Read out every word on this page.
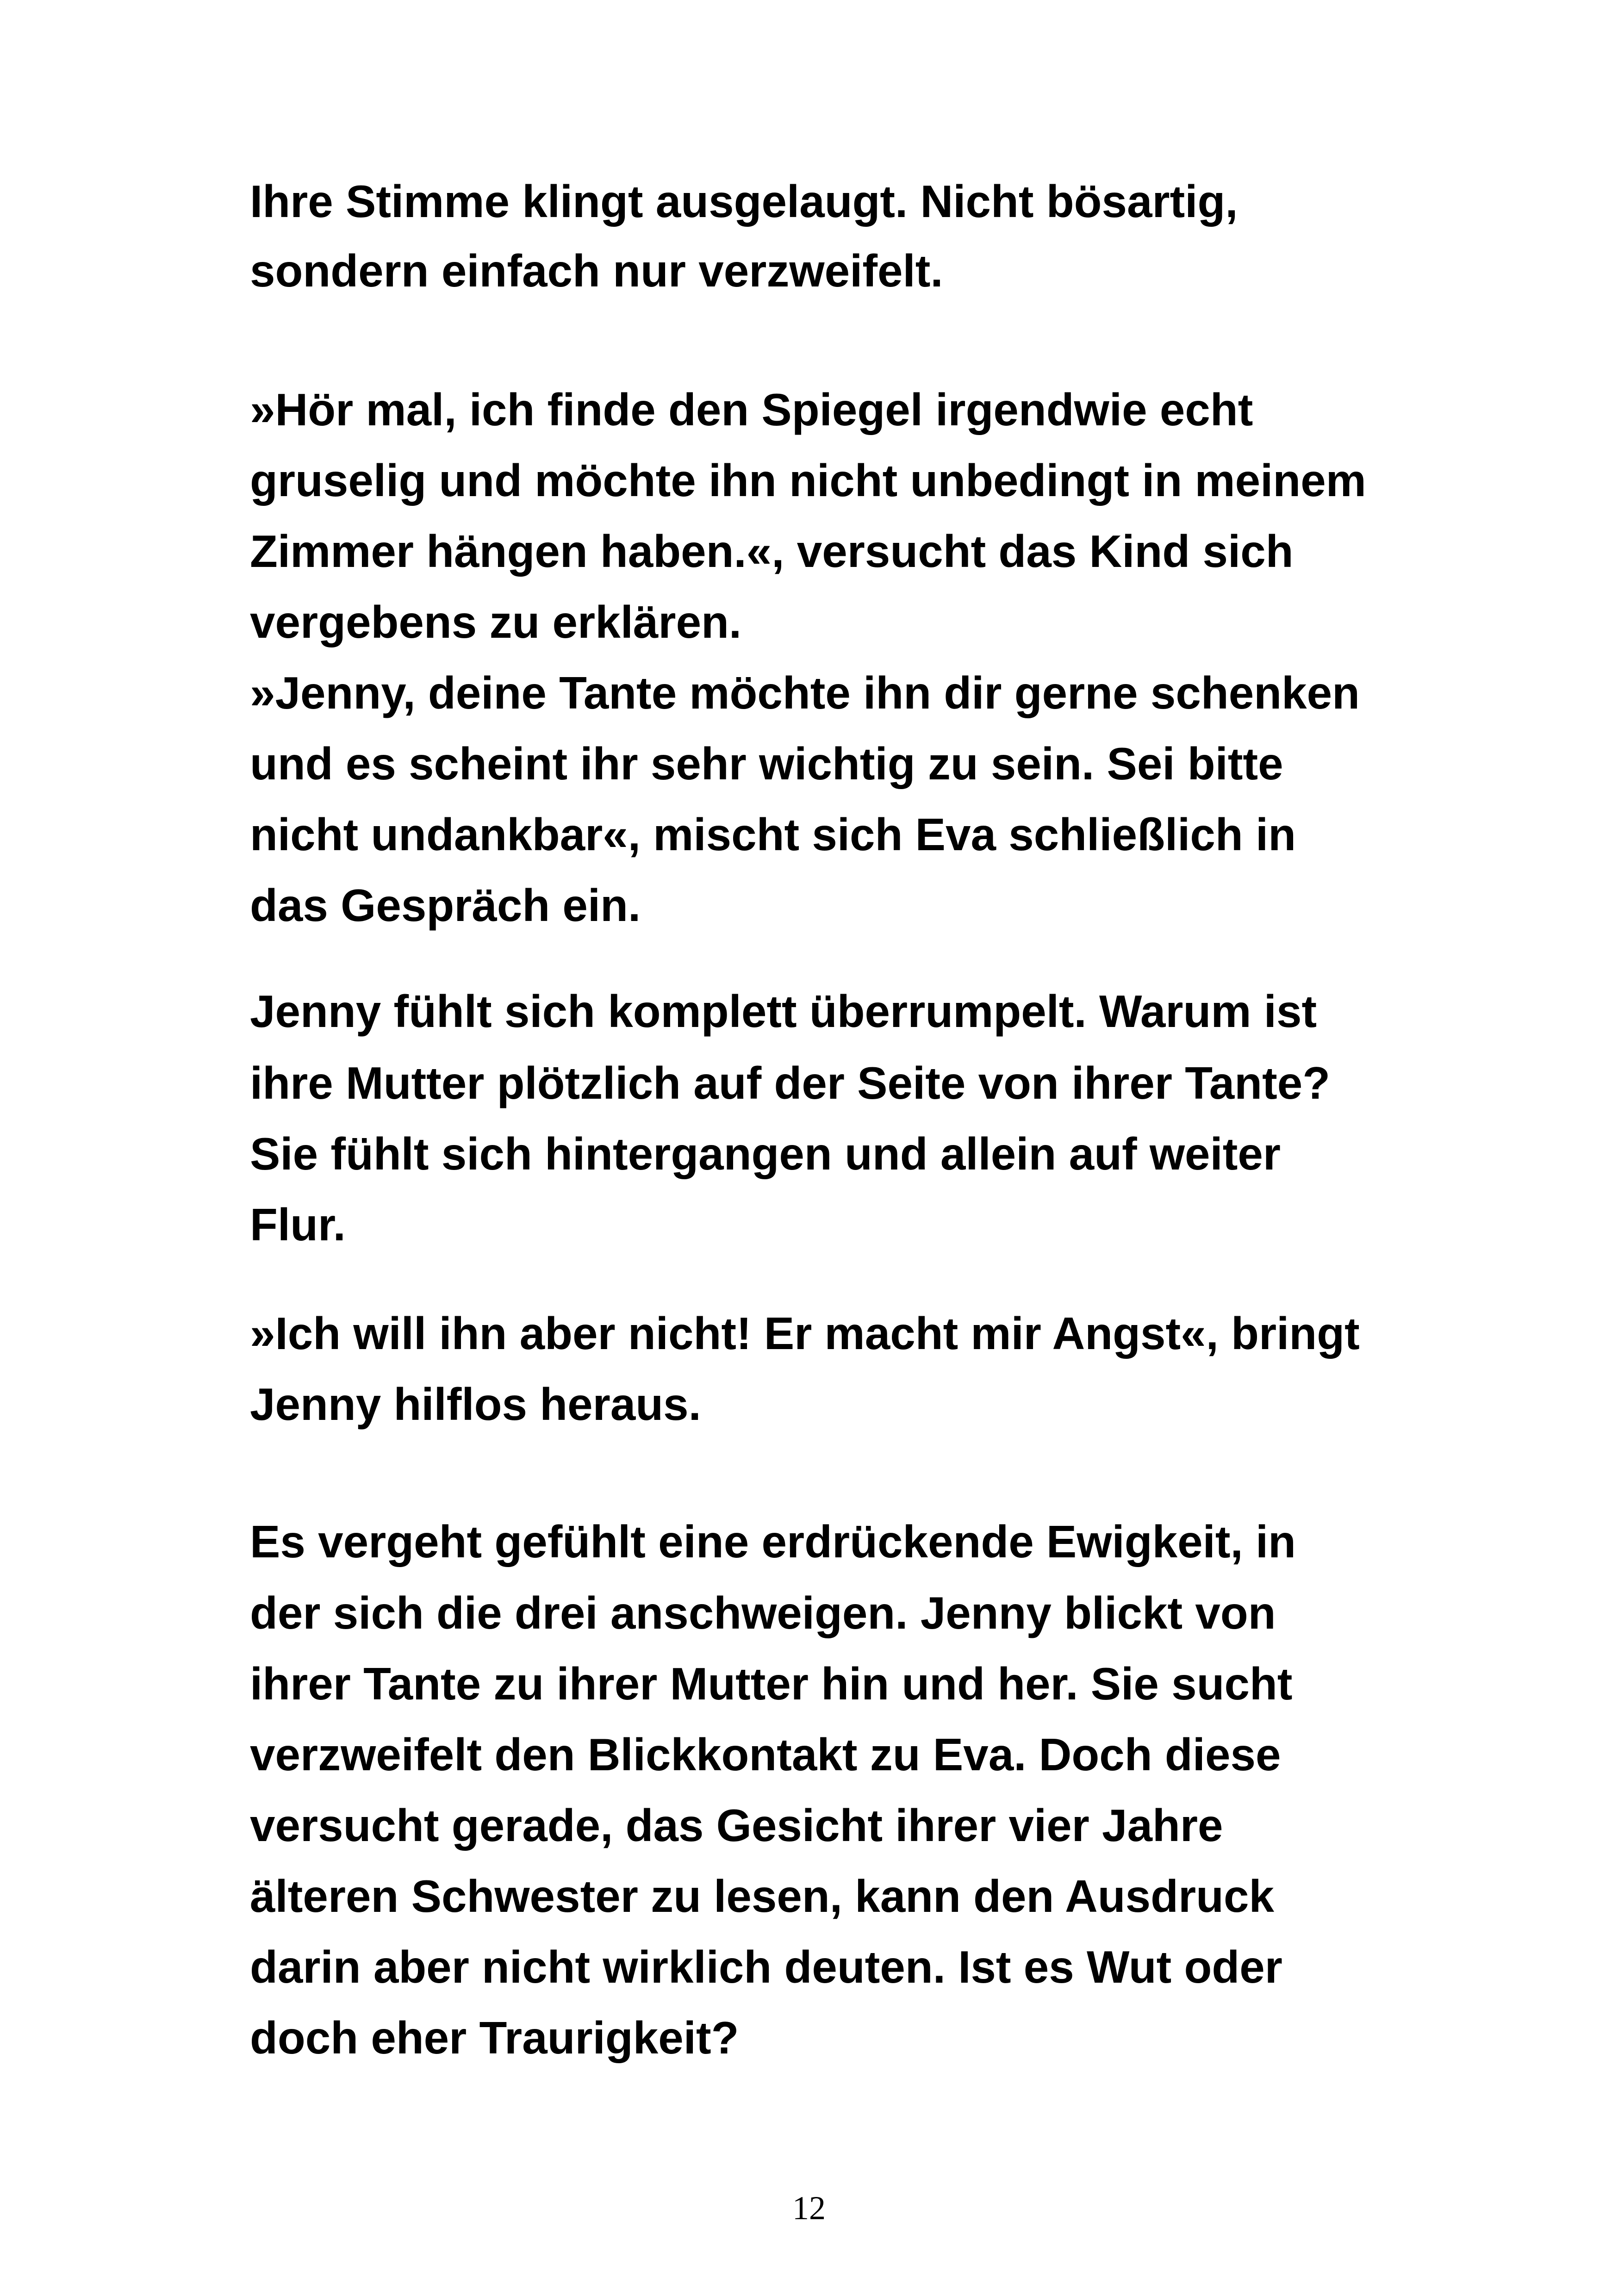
Ihre Stimme klingt ausgelaugt. Nicht bösartig,
sondern einfach nur verzweifelt.
»Hör mal, ich finde den Spiegel irgendwie echt
gruselig und möchte ihn nicht unbedingt in meinem
Zimmer hängen haben.«, versucht das Kind sich
vergebens zu erklären.
»Jenny, deine Tante möchte ihn dir gerne schenken
und es scheint ihr sehr wichtig zu sein. Sei bitte
nicht undankbar«, mischt sich Eva schließlich in
das Gespräch ein.
Jenny fühlt sich komplett überrumpelt. Warum ist
ihre Mutter plötzlich auf der Seite von ihrer Tante?
Sie fühlt sich hintergangen und allein auf weiter
Flur.
»Ich will ihn aber nicht! Er macht mir Angst«, bringt
Jenny hilflos heraus.
Es vergeht gefühlt eine erdrückende Ewigkeit, in
der sich die drei anschweigen. Jenny blickt von
ihrer Tante zu ihrer Mutter hin und her. Sie sucht
verzweifelt den Blickkontakt zu Eva. Doch diese
versucht gerade, das Gesicht ihrer vier Jahre
älteren Schwester zu lesen, kann den Ausdruck
darin aber nicht wirklich deuten. Ist es Wut oder
doch eher Traurigkeit?
12
